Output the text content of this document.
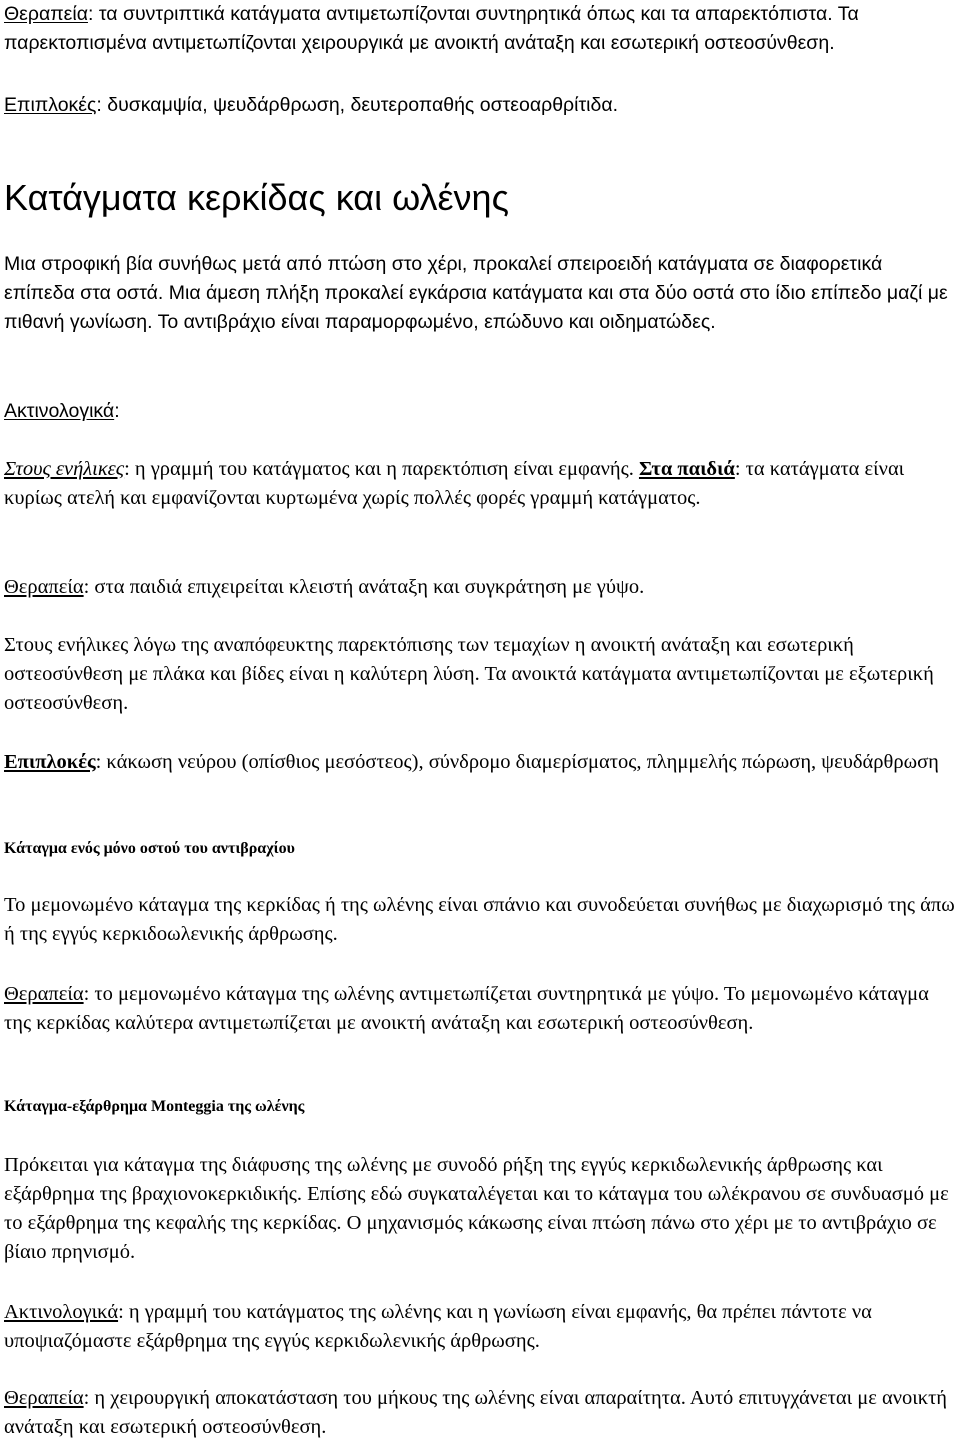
Θεραπεία: τα συντριπτικά κατάγματα αντιμετωπίζονται συντηρητικά όπως και τα απαρεκτόπιστα. Τα παρεκτοπισμένα αντιμετωπίζονται χειρουργικά με ανοικτή ανάταξη και εσωτερική οστεοσύνθεση.

Επιπλοκές: δυσκαμψία, ψευδάρθρωση, δευτεροπαθής οστεοαρθρίτιδα.

Κατάγματα κερκίδας και ωλένης

Μια στροφική βία συνήθως μετά από πτώση στο χέρι, προκαλεί σπειροειδή κατάγματα σε διαφορετικά επίπεδα στα οστά. Μια άμεση πλήξη προκαλεί εγκάρσια κατάγματα και στα δύο οστά στο ίδιο επίπεδο μαζί με πιθανή γωνίωση. Το αντιβράχιο είναι παραμορφωμένο, επώδυνο και οιδηματώδες.

Ακτινολογικά:

Στους ενήλικες: η γραμμή του κατάγματος και η παρεκτόπιση είναι εμφανής. Στα παιδιά: τα κατάγματα είναι κυρίως ατελή και εμφανίζονται κυρτωμένα χωρίς πολλές φορές γραμμή κατάγματος.

Θεραπεία: στα παιδιά επιχειρείται κλειστή ανάταξη και συγκράτηση με γύψο.

Στους ενήλικες λόγω της αναπόφευκτης παρεκτόπισης των τεμαχίων η ανοικτή ανάταξη και εσωτερική οστεοσύνθεση με πλάκα και βίδες είναι η καλύτερη λύση. Τα ανοικτά κατάγματα αντιμετωπίζονται με εξωτερική οστεοσύνθεση.

Επιπλοκές: κάκωση νεύρου (οπίσθιος μεσόστεος), σύνδρομο διαμερίσματος, πλημμελής πώρωση, ψευδάρθρωση

Κάταγμα ενός μόνο οστού του αντιβραχίου

Το μεμονωμένο κάταγμα της κερκίδας ή της ωλένης είναι σπάνιο και συνοδεύεται συνήθως με διαχωρισμό της άπω ή της εγγύς κερκιδοωλενικής άρθρωσης.

Θεραπεία: το μεμονωμένο κάταγμα της ωλένης αντιμετωπίζεται συντηρητικά με γύψο. Το μεμονωμένο κάταγμα της κερκίδας καλύτερα αντιμετωπίζεται με ανοικτή ανάταξη και εσωτερική οστεοσύνθεση.

Κάταγμα-εξάρθρημα Monteggia της ωλένης

Πρόκειται για κάταγμα της διάφυσης της ωλένης με συνοδό ρήξη της εγγύς κερκιδωλενικής άρθρωσης και εξάρθρημα της βραχιονοκερκιδικής. Επίσης εδώ συγκαταλέγεται και το κάταγμα του ωλέκρανου σε συνδυασμό με το εξάρθρημα της κεφαλής της κερκίδας. Ο μηχανισμός κάκωσης είναι πτώση πάνω στο χέρι με το αντιβράχιο σε βίαιο πρηνισμό.

Ακτινολογικά: η γραμμή του κατάγματος της ωλένης και η γωνίωση είναι εμφανής, θα πρέπει πάντοτε να υποψιαζόμαστε εξάρθρημα της εγγύς κερκιδωλενικής άρθρωσης.

Θεραπεία: η χειρουργική αποκατάσταση του μήκους της ωλένης είναι απαραίτητα. Αυτό επιτυγχάνεται με ανοικτή ανάταξη και εσωτερική οστεοσύνθεση.
